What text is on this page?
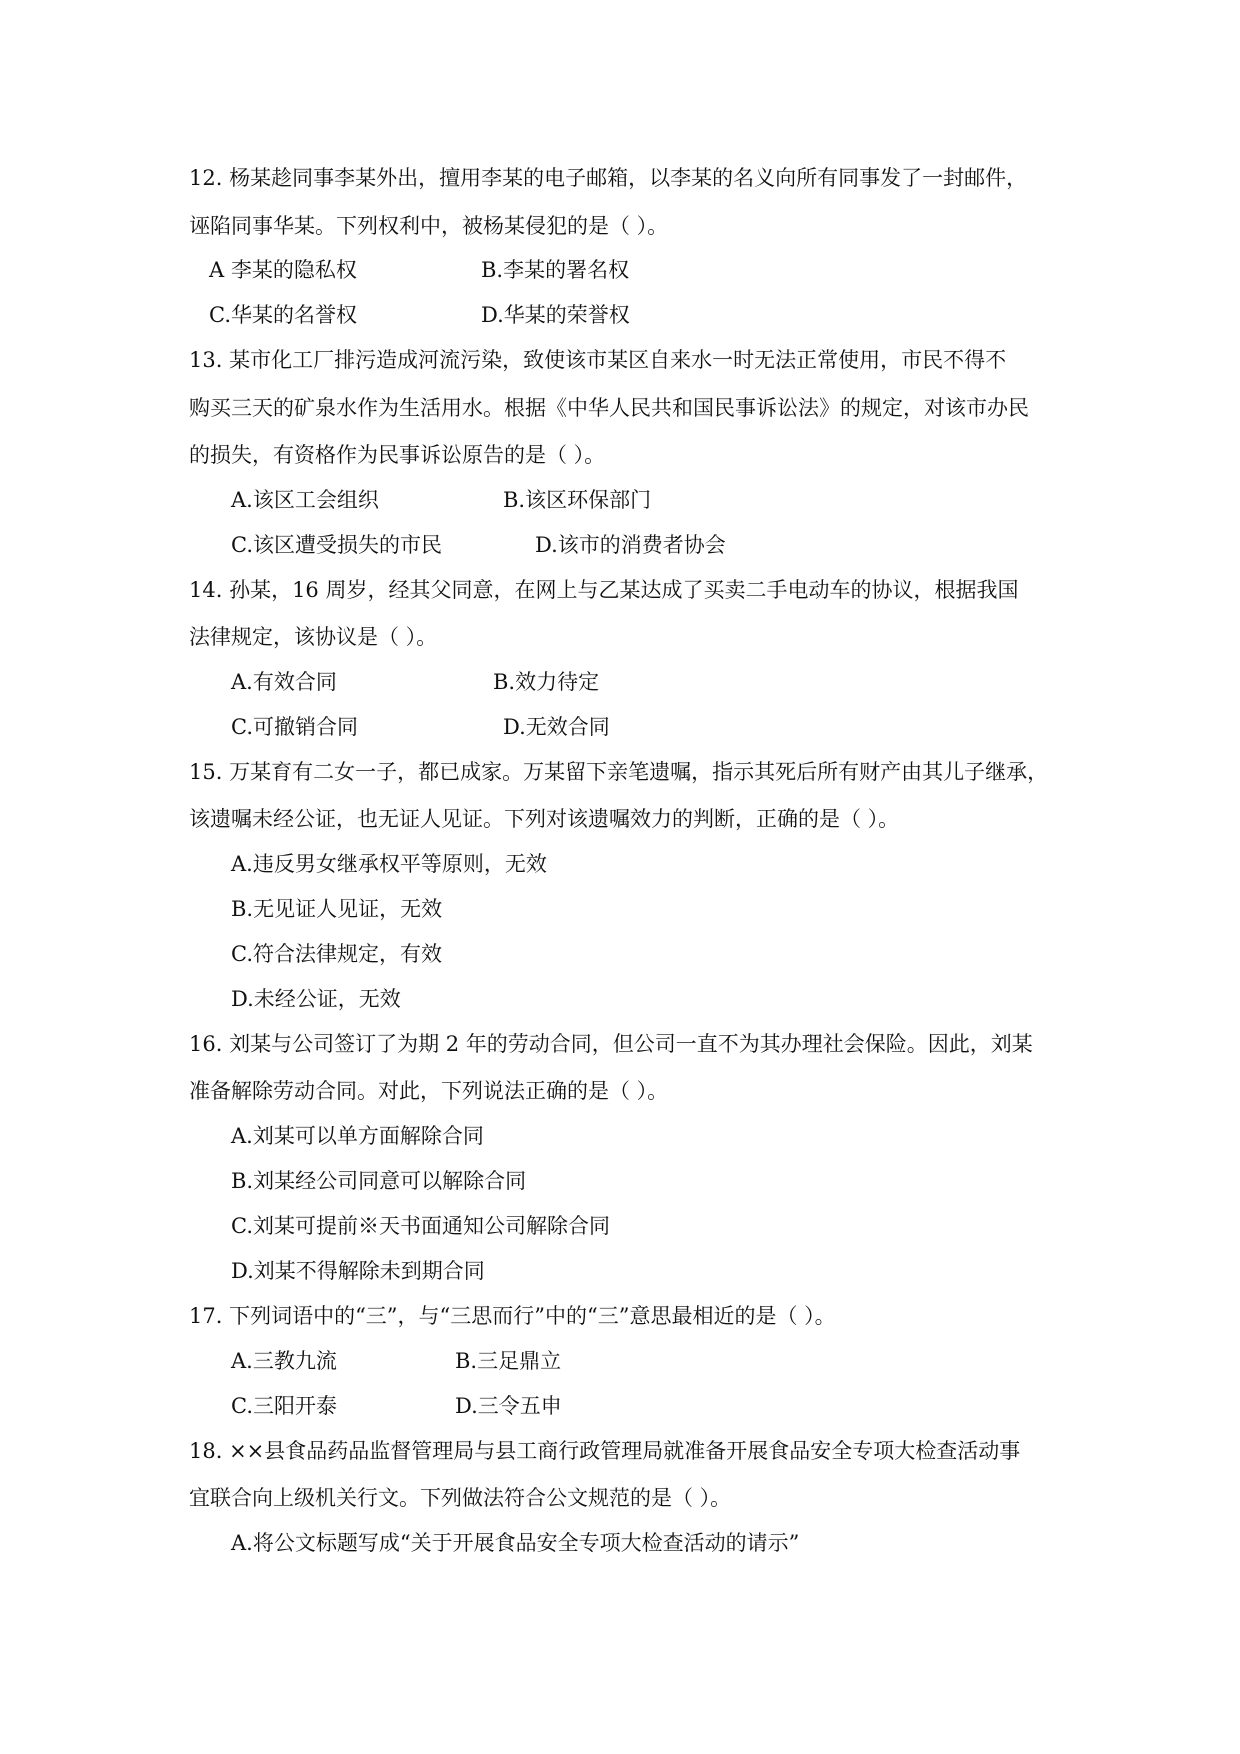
12. 杨某趁同事李某外出，擅用李某的电子邮箱，以李某的名义向所有同事发了一封邮件，
诬陷同事华某。下列权利中，被杨某侵犯的是（ ）。
A 李某的隐私权	B.李某的署名权
C.华某的名誉权	D.华某的荣誉权
13. 某市化工厂排污造成河流污染，致使该市某区自来水一时无法正常使用，市民不得不
购买三天的矿泉水作为生活用水。根据《中华人民共和国民事诉讼法》的规定，对该市办民
的损失，有资格作为民事诉讼原告的是（ ）。
A.该区工会组织	B.该区环保部门
C.该区遭受损失的市民	D.该市的消费者协会
14. 孙某，16 周岁，经其父同意，在网上与乙某达成了买卖二手电动车的协议，根据我国
法律规定，该协议是（ ）。
A.有效合同	B.效力待定
C.可撤销合同	D.无效合同
15. 万某育有二女一子，都已成家。万某留下亲笔遗嘱，指示其死后所有财产由其儿子继承，
该遗嘱未经公证，也无证人见证。下列对该遗嘱效力的判断，正确的是（ ）。
A.违反男女继承权平等原则，无效
B.无见证人见证，无效
C.符合法律规定，有效
D.未经公证，无效
16. 刘某与公司签订了为期 2 年的劳动合同，但公司一直不为其办理社会保险。因此，刘某
准备解除劳动合同。对此，下列说法正确的是（ ）。
A.刘某可以单方面解除合同
B.刘某经公司同意可以解除合同
C.刘某可提前※天书面通知公司解除合同
D.刘某不得解除未到期合同
17. 下列词语中的“三”，与“三思而行”中的“三”意思最相近的是（ ）。
A.三教九流	B.三足鼎立
C.三阳开泰	D.三令五申
18. ××县食品药品监督管理局与县工商行政管理局就准备开展食品安全专项大检查活动事
宜联合向上级机关行文。下列做法符合公文规范的是（ ）。
A.将公文标题写成“关于开展食品安全专项大检查活动的请示”
